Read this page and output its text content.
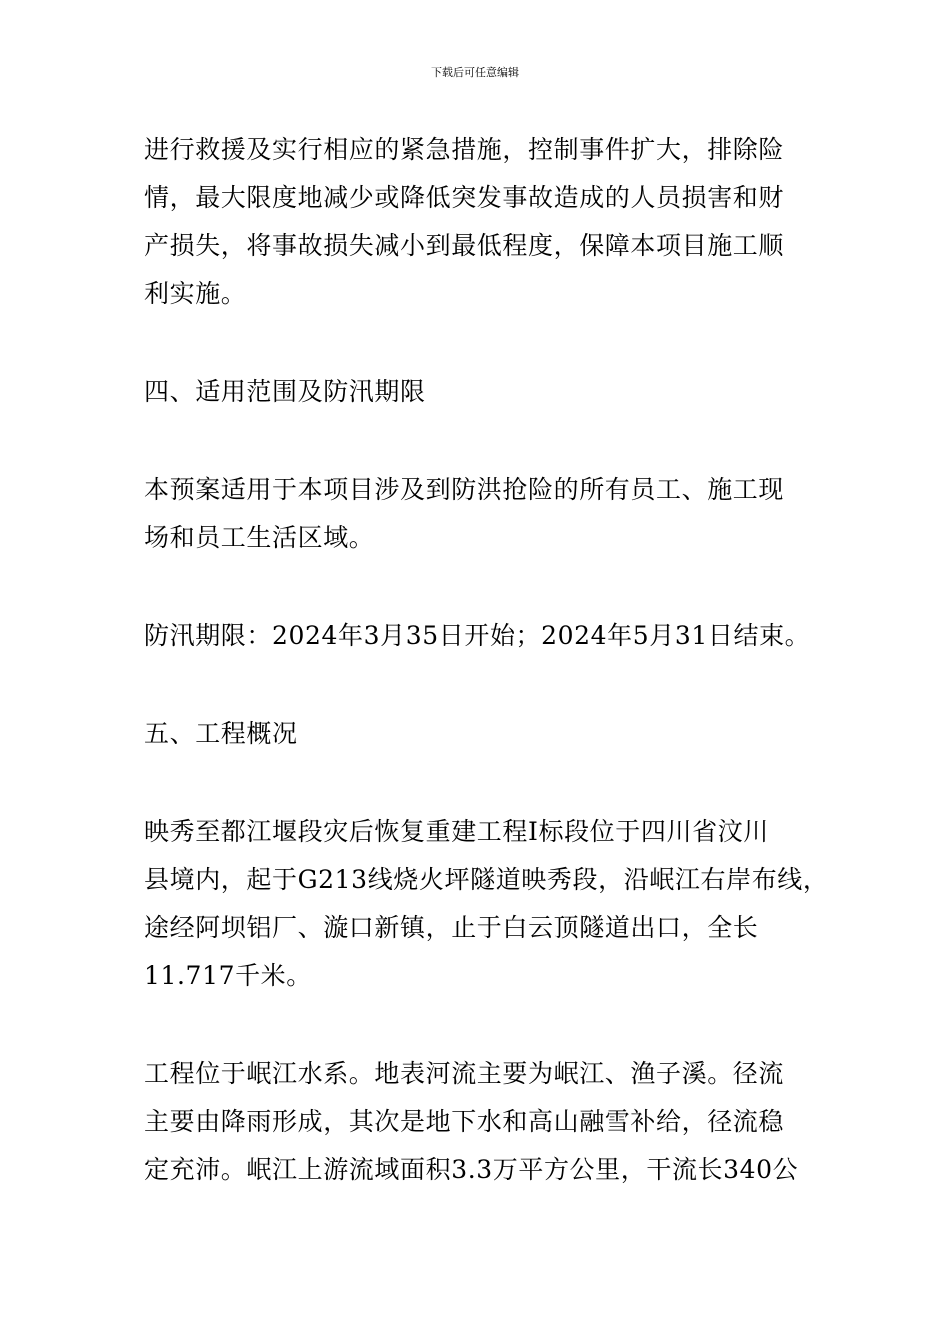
下载后可任意编辑

进行救援及实行相应的紧急措施，控制事件扩大，排除险
情，最大限度地减少或降低突发事故造成的人员损害和财
产损失，将事故损失减小到最低程度，保障本项目施工顺
利实施。

四、适用范围及防汛期限

本预案适用于本项目涉及到防洪抢险的所有员工、施工现
场和员工生活区域。

防汛期限：2024年3月35日开始；2024年5月31日结束。

五、工程概况

映秀至都江堰段灾后恢复重建工程Ⅰ标段位于四川省汶川
县境内，起于G213线烧火坪隧道映秀段，沿岷江右岸布线，
途经阿坝铝厂、漩口新镇，止于白云顶隧道出口，全长
11.717千米。

工程位于岷江水系。地表河流主要为岷江、渔子溪。径流
主要由降雨形成，其次是地下水和高山融雪补给，径流稳
定充沛。岷江上游流域面积3.3万平方公里，干流长340公
